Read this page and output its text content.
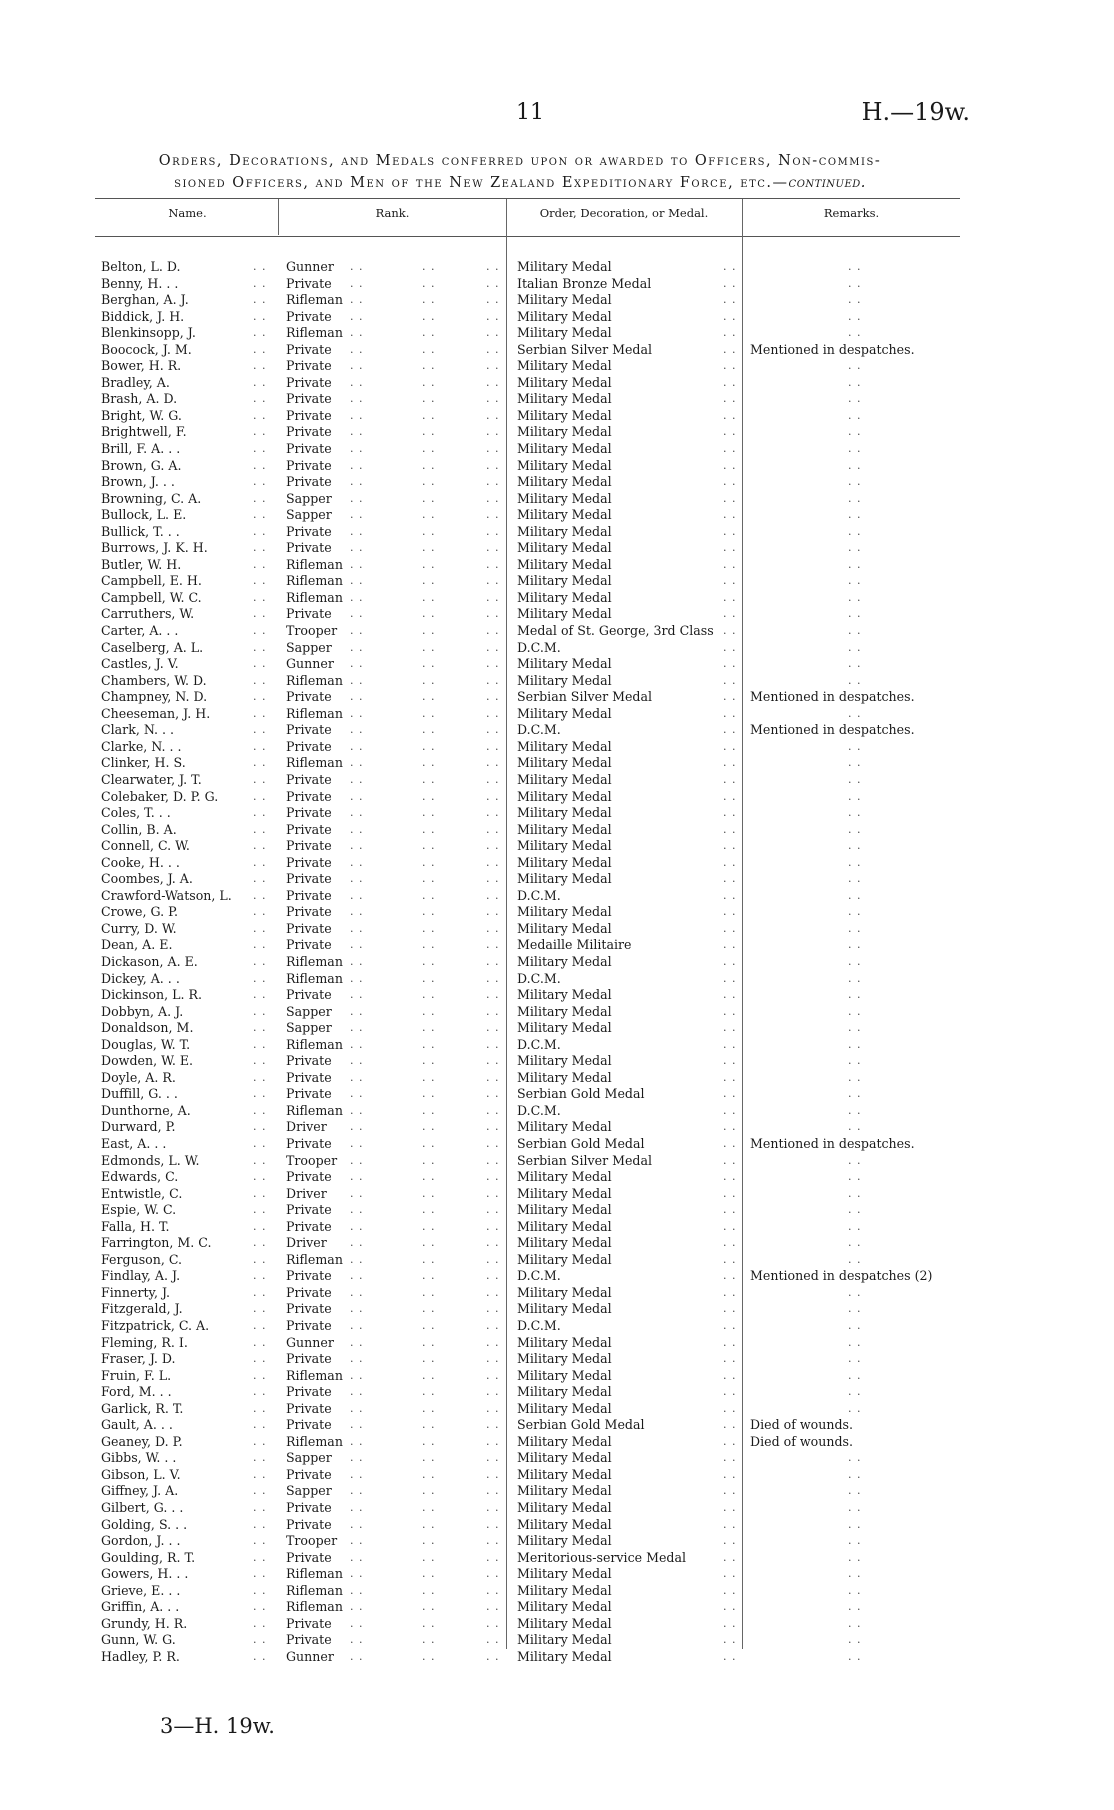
11	H.—19w.
Orders, Decorations, and Medals conferred upon or awarded to Officers, Non-commis-
sioned Officers, and Men of the New Zealand Expeditionary Force, etc.—continued.
Name.	Rank.	Order, Decoration, or Medal.	Remarks.
Belton, L. D.	. . Gunner . .	. .	. . Military Medal	. .	. .
Benny, H. . .	. . Private . .	. .	. . Italian Bronze Medal	. .	. .
Berghan, A. J.	. . Rifleman . .	. .	. . Military Medal	. .	. .
Biddick, J. H.	. . Private . .	. .	. . Military Medal	. .	. .
Blenkinsopp, J.	. . Rifleman . .	. .	. . Military Medal	. .	. .
Boocock, J. M.	. . Private . .	. .	. . Serbian Silver Medal	. . Mentioned in despatches.
Bower, H. R.	. . Private . .	. .	. . Military Medal	. .	. .
Bradley, A.	. . Private . .	. .	. . Military Medal	. .	. .
Brash, A. D.	. . Private . .	. .	. . Military Medal	. .	. .
Bright, W. G.	. . Private . .	. .	. . Military Medal	. .	. .
Brightwell, F.	. . Private . .	. .	. . Military Medal	. .	. .
Brill, F. A. . .	. . Private . .	. .	. . Military Medal	. .	. .
Brown, G. A.	. . Private . .	. .	. . Military Medal	. .	. .
Brown, J. . .	. . Private . .	. .	. . Military Medal	. .	. .
Browning, C. A.	. . Sapper . .	. .	. . Military Medal	. .	. .
Bullock, L. E.	. . Sapper . .	. .	. . Military Medal	. .	. .
Bullick, T. . .	. . Private . .	. .	. . Military Medal	. .	. .
Burrows, J. K. H.	. . Private . .	. .	. . Military Medal	. .	. .
Butler, W. H.	. . Rifleman . .	. .	. . Military Medal	. .	. .
Campbell, E. H.	. . Rifleman . .	. .	. . Military Medal	. .	. .
Campbell, W. C.	. . Rifleman . .	. .	. . Military Medal	. .	. .
Carruthers, W.	. . Private . .	. .	. . Military Medal	. .	. .
Carter, A. . .	. . Trooper . .	. .	. . Medal of St. George, 3rd Class . .	. .
Caselberg, A. L.	. . Sapper . .	. .	. . D.C.M.	. .	. .
Castles, J. V.	. . Gunner . .	. .	. . Military Medal	. .	. .
Chambers, W. D.	. . Rifleman . .	. .	. . Military Medal	. .	. .
Champney, N. D.	. . Private . .	. .	. . Serbian Silver Medal	. . Mentioned in despatches.
Cheeseman, J. H.	. . Rifleman . .	. .	. . Military Medal	. .	. .
Clark, N. . .	. . Private . .	. .	. . D.C.M.	. . Mentioned in despatches.
Clarke, N. . .	. . Private . .	. .	. . Military Medal	. .	. .
Clinker, H. S.	. . Rifleman . .	. .	. . Military Medal	. .	. .
Clearwater, J. T.	. . Private . .	. .	. . Military Medal	. .	. .
Colebaker, D. P. G.	. . Private . .	. .	. . Military Medal	. .	. .
Coles, T. . .	. . Private . .	. .	. . Military Medal	. .	. .
Collin, B. A.	. . Private . .	. .	. . Military Medal	. .	. .
Connell, C. W.	. . Private . .	. .	. . Military Medal	. .	. .
Cooke, H. . .	. . Private . .	. .	. . Military Medal	. .	. .
Coombes, J. A.	. . Private . .	. .	. . Military Medal	. .	. .
Crawford-Watson, L. . . Private . .	. .	. . D.C.M.	. .	. .
Crowe, G. P.	. . Private . .	. .	. . Military Medal	. .	. .
Curry, D. W.	. . Private . .	. .	. . Military Medal	. .	. .
Dean, A. E.	. . Private . .	. .	. . Medaille Militaire	. .	. .
Dickason, A. E.	. . Rifleman . .	. .	. . Military Medal	. .	. .
Dickey, A. . .	. . Rifleman . .	. .	. . D.C.M.	. .	. .
Dickinson, L. R.	. . Private . .	. .	. . Military Medal	. .	. .
Dobbyn, A. J.	. . Sapper . .	. .	. . Military Medal	. .	. .
Donaldson, M.	. . Sapper . .	. .	. . Military Medal	. .	. .
Douglas, W. T.	. . Rifleman . .	. .	. . D.C.M.	. .	. .
Dowden, W. E.	. . Private . .	. .	. . Military Medal	. .	. .
Doyle, A. R.	. . Private . .	. .	. . Military Medal	. .	. .
Duffill, G. . .	. . Private . .	. .	. . Serbian Gold Medal	. .	. .
Dunthorne, A.	. . Rifleman . .	. .	. . D.C.M.	. .	. .
Durward, P.	. . Driver . .	. .	. . Military Medal	. .	. .
East, A. . .	. . Private . .	. .	. . Serbian Gold Medal	. . Mentioned in despatches.
Edmonds, L. W.	. . Trooper . .	. .	. . Serbian Silver Medal	. .	. .
Edwards, C.	. . Private . .	. .	. . Military Medal	. .	. .
Entwistle, C.	. . Driver . .	. .	. . Military Medal	. .	. .
Espie, W. C.	. . Private . .	. .	. . Military Medal	. .	. .
Falla, H. T.	. . Private . .	. .	. . Military Medal	. .	. .
Farrington, M. C.	. . Driver . .	. .	. . Military Medal	. .	. .
Ferguson, C.	. . Rifleman . .	. .	. . Military Medal	. .	. .
Findlay, A. J.	. . Private . .	. .	. . D.C.M.	. . Mentioned in despatches (2)
Finnerty, J.	. . Private . .	. .	. . Military Medal	. .	. .
Fitzgerald, J.	. . Private . .	. .	. . Military Medal	. .	. .
Fitzpatrick, C. A.	. . Private . .	. .	. . D.C.M.	. .	. .
Fleming, R. I.	. . Gunner . .	. .	. . Military Medal	. .	. .
Fraser, J. D.	. . Private . .	. .	. . Military Medal	. .	. .
Fruin, F. L.	. . Rifleman . .	. .	. . Military Medal	. .	. .
Ford, M. . .	. . Private . .	. .	. . Military Medal	. .	. .
Garlick, R. T.	. . Private . .	. .	. . Military Medal	. .	. .
Gault, A. . .	. . Private . .	. .	. . Serbian Gold Medal	. . Died of wounds.
Geaney, D. P.	. . Rifleman . .	. .	. . Military Medal	. . Died of wounds.
Gibbs, W. . .	. . Sapper . .	. .	. . Military Medal	. .	. .
Gibson, L. V.	. . Private . .	. .	. . Military Medal	. .	. .
Giffney, J. A.	. . Sapper . .	. .	. . Military Medal	. .	. .
Gilbert, G. . .	. . Private . .	. .	. . Military Medal	. .	. .
Golding, S. . .	. . Private . .	. .	. . Military Medal	. .	. .
Gordon, J. . .	. . Trooper . .	. .	. . Military Medal	. .	. .
Goulding, R. T.	. . Private . .	. .	. . Meritorious-service Medal	. .	. .
Gowers, H. . .	. . Rifleman . .	. .	. . Military Medal	. .	. .
Grieve, E. . .	. . Rifleman . .	. .	. . Military Medal	. .	. .
Griffin, A. . .	. . Rifleman . .	. .	. . Military Medal	. .	. .
Grundy, H. R.	. . Private . .	. .	. . Military Medal	. .	. .
Gunn, W. G.	. . Private . .	. .	. . Military Medal	. .	. .
Hadley, P. R.	. . Gunner . .	. .	. . Military Medal	. .	. .
3—H. 19w.
